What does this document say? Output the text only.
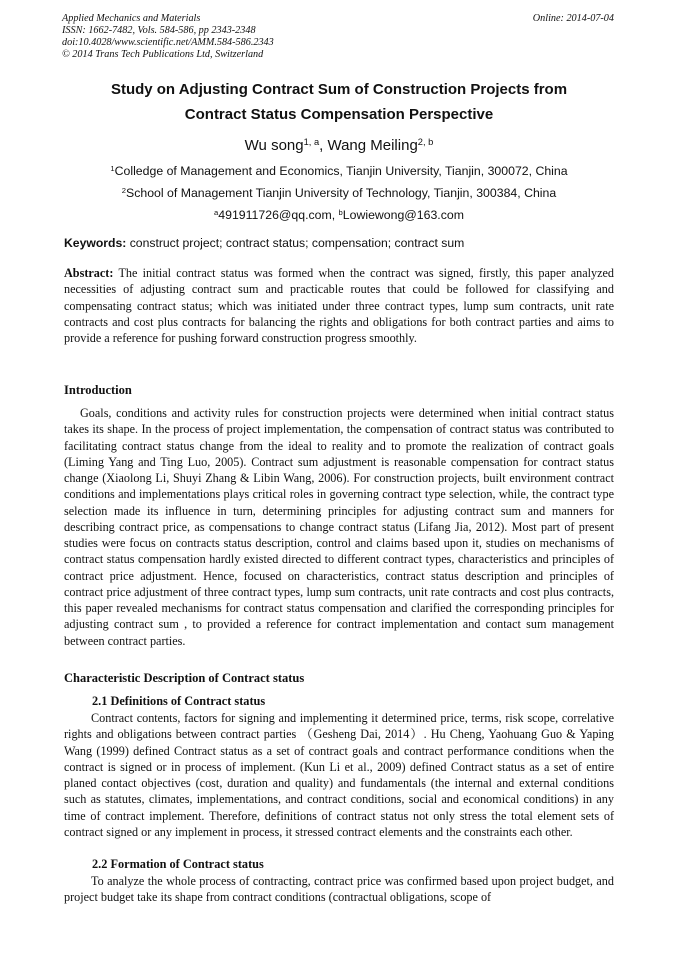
Applied Mechanics and Materials
ISSN: 1662-7482, Vols. 584-586, pp 2343-2348
doi:10.4028/www.scientific.net/AMM.584-586.2343
© 2014 Trans Tech Publications Ltd, Switzerland
Online: 2014-07-04
Study on Adjusting Contract Sum of Construction Projects from
Contract Status Compensation Perspective
Wu song$^{1, a}$, Wang Meiling$^{2, b}$
$^1$Colledge of Management and Economics, Tianjin University, Tianjin, 300072, China
$^2$School of Management Tianjin University of Technology, Tianjin, 300384, China
$^a$491911726@qq.com, $^b$Lowiewong@163.com
Keywords: construct project; contract status; compensation; contract sum
Abstract: The initial contract status was formed when the contract was signed, firstly, this paper analyzed necessities of adjusting contract sum and practicable routes that could be followed for classifying and compensating contract status; which was initiated under three contract types, lump sum contracts, unit rate contracts and cost plus contracts for balancing the rights and obligations for both contract parties and aims to provide a reference for pushing forward construction progress smoothly.
Introduction
Goals, conditions and activity rules for construction projects were determined when initial contract status takes its shape. In the process of project implementation, the compensation of contract status was contributed to facilitating contract status change from the ideal to reality and to promote the realization of contract goals (Liming Yang and Ting Luo, 2005). Contract sum adjustment is reasonable compensation for contract status change (Xiaolong Li, Shuyi Zhang & Libin Wang, 2006). For construction projects, built environment contract conditions and implementations plays critical roles in governing contract type selection, while, the contract type selection made its influence in turn, determining principles for adjusting contract sum and manners for describing contract price, as compensations to change contract status (Lifang Jia, 2012). Most part of present studies were focus on contracts status description, control and claims based upon it, studies on mechanisms of contract status compensation hardly existed directed to different contract types, characteristics and principles of contract price adjustment. Hence, focused on characteristics, contract status description and principles of contract price adjustment of three contract types, lump sum contracts, unit rate contracts and cost plus contracts, this paper revealed mechanisms for contract status compensation and clarified the corresponding principles for adjusting contract sum , to provided a reference for contract implementation and contact sum management between contract parties.
Characteristic Description of Contract status
2.1 Definitions of Contract status
Contract contents, factors for signing and implementing it determined price, terms, risk scope, correlative rights and obligations between contract parties （Gesheng Dai, 2014）. Hu Cheng, Yaohuang Guo & Yaping Wang (1999) defined Contract status as a set of contract goals and contract performance conditions when the contract is signed or in process of implement. (Kun Li et al., 2009) defined Contract status as a set of entire planed contact objectives (cost, duration and quality) and fundamentals (the internal and external conditions such as statutes, climates, implementations, and contract conditions, social and economical conditions) in any time of contract implement. Therefore, definitions of contract status not only stress the total element sets of contract signed or any implement in process, it stressed contract elements and the constraints each other.
2.2 Formation of Contract status
To analyze the whole process of contracting, contract price was confirmed based upon project budget, and project budget take its shape from contract conditions (contractual obligations, scope of
